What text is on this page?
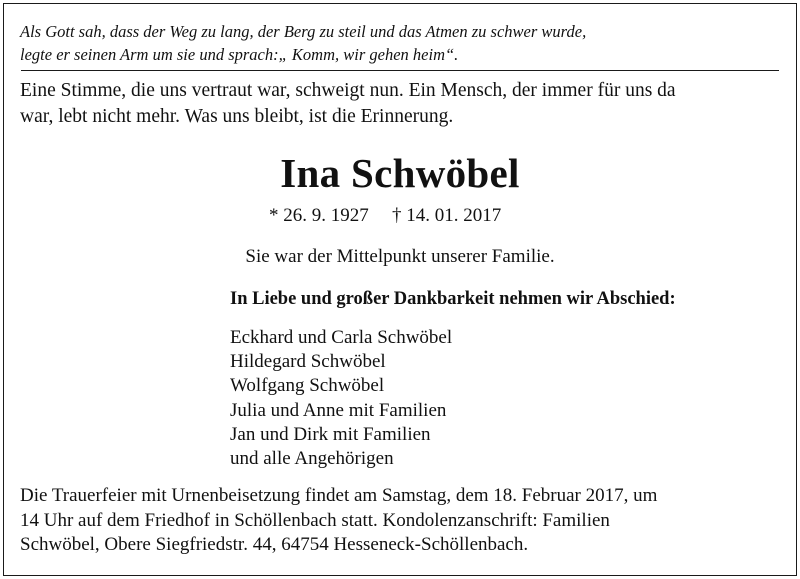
Als Gott sah, dass der Weg zu lang, der Berg zu steil und das Atmen zu schwer wurde,
legte er seinen Arm um sie und sprach:„ Komm, wir gehen heim“.
Eine Stimme, die uns vertraut war, schweigt nun. Ein Mensch, der immer für uns da
war, lebt nicht mehr. Was uns bleibt, ist die Erinnerung.
Ina Schwöbel
* 26. 9. 1927 † 14. 01. 2017
Sie war der Mittelpunkt unserer Familie.
In Liebe und großer Dankbarkeit nehmen wir Abschied:
Eckhard und Carla Schwöbel
Hildegard Schwöbel
Wolfgang Schwöbel
Julia und Anne mit Familien
Jan und Dirk mit Familien
und alle Angehörigen
Die Trauerfeier mit Urnenbeisetzung findet am Samstag, dem 18. Februar 2017, um
14 Uhr auf dem Friedhof in Schöllenbach statt. Kondolenzanschrift: Familien
Schwöbel, Obere Siegfriedstr. 44, 64754 Hesseneck-Schöllenbach.
